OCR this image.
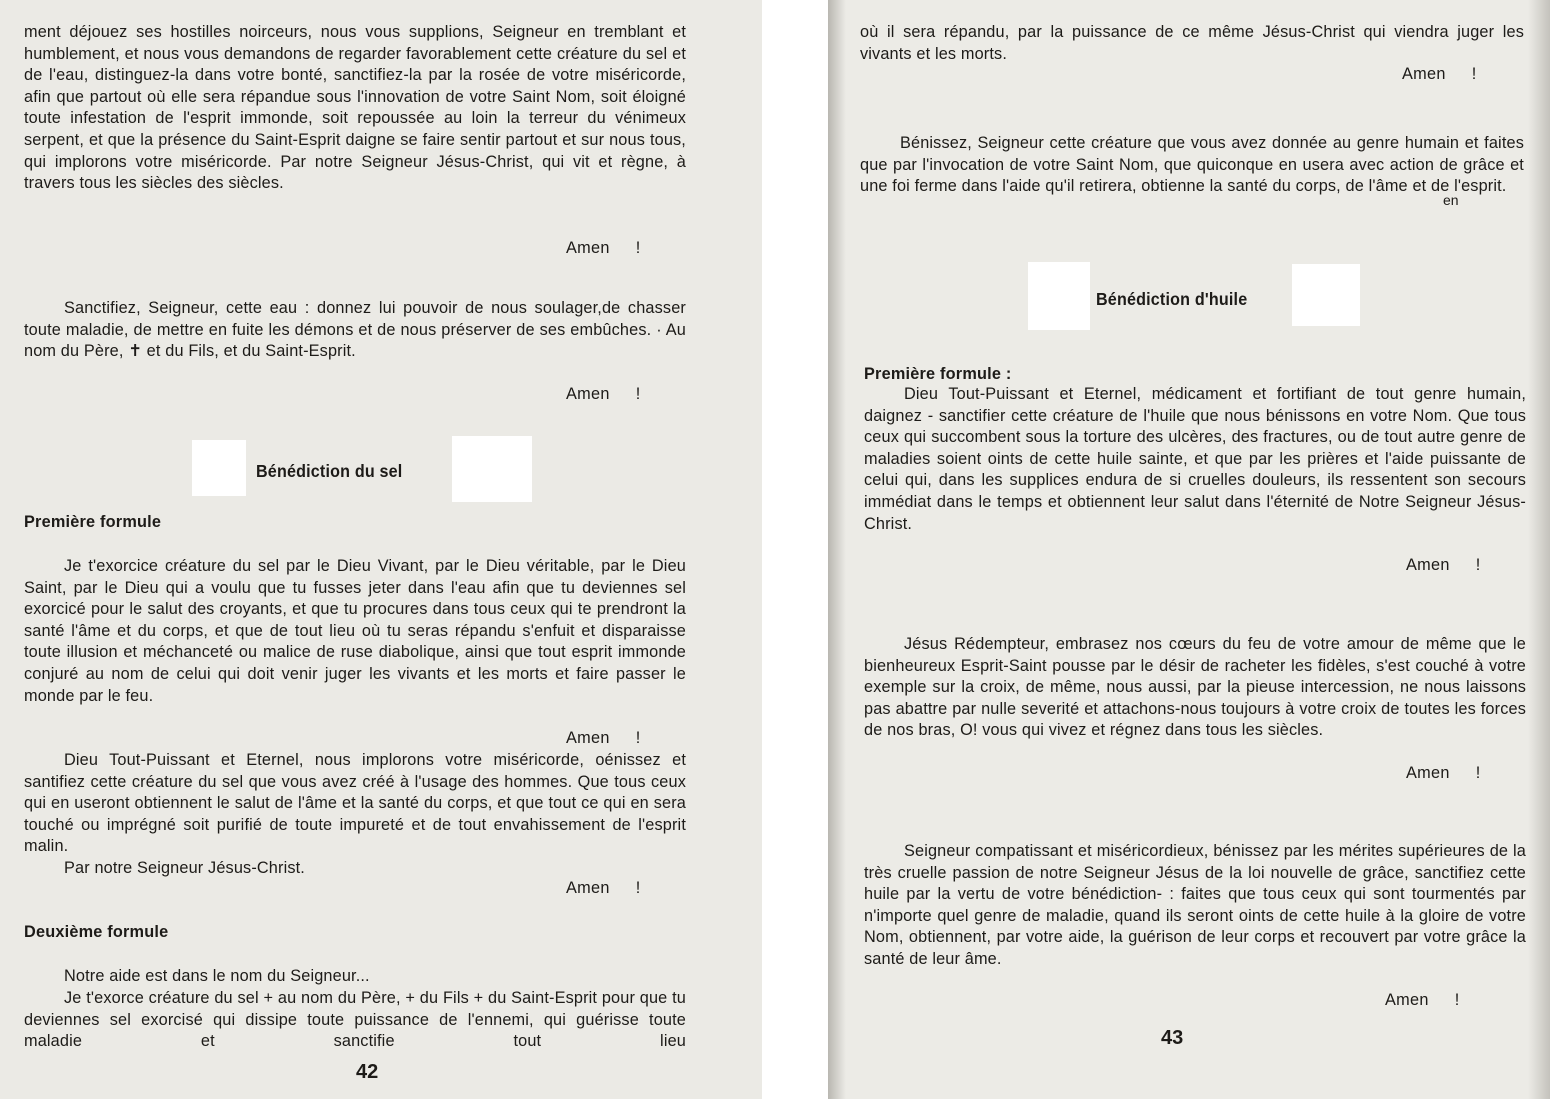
ment déjouez ses hostilles noirceurs, nous vous supplions, Seigneur en tremblant et humblement, et nous vous demandons de regarder favorablement cette créature du sel et de l'eau, distinguez-la dans votre bonté, sanctifiez-la par la rosée de votre miséricorde, afin que partout où elle sera répandue sous l'innovation de votre Saint Nom, soit éloigné toute infestation de l'esprit immonde, soit repoussée au loin la terreur du vénimeux serpent, et que la présence du Saint-Esprit daigne se faire sentir partout et sur nous tous, qui implorons votre miséricorde. Par notre Seigneur Jésus-Christ, qui vit et règne, à travers tous les siècles des siècles.

Amen !

Sanctifiez, Seigneur, cette eau : donnez lui pouvoir de nous soulager,de chasser toute maladie, de mettre en fuite les démons et de nous préserver de ses embûches. · Au nom du Père, ✝ et du Fils, et du Saint-Esprit.

Amen !
Bénédiction du sel
Première formule

Je t'exorcice créature du sel par le Dieu Vivant, par le Dieu véritable, par le Dieu Saint, par le Dieu qui a voulu que tu fusses jeter dans l'eau afin que tu deviennes sel exorcicé pour le salut des croyants, et que tu procures dans tous ceux qui te prendront la santé l'âme et du corps, et que de tout lieu où tu seras répandu s'enfuit et disparaisse toute illusion et méchanceté ou malice de ruse diabolique, ainsi que tout esprit immonde conjuré au nom de celui qui doit venir juger les vivants et les morts et faire passer le monde par le feu.

Amen !

Dieu Tout-Puissant et Eternel, nous implorons votre miséricorde, oénissez et santifiez cette créature du sel que vous avez créé à l'usage des hommes. Que tous ceux qui en useront obtiennent le salut de l'âme et la santé du corps, et que tout ce qui en sera touché ou imprégné soit purifié de toute impureté et de tout envahissement de l'esprit malin.

Par notre Seigneur Jésus-Christ.

Amen !
Deuxième formule

Notre aide est dans le nom du Seigneur...

Je t'exorce créature du sel + au nom du Père, + du Fils + du Saint-Esprit pour que tu deviennes sel exorcisé qui dissipe toute puissance de l'ennemi, qui guérisse toute maladie et sanctifie tout lieu

42

où il sera répandu, par la puissance de ce même Jésus-Christ qui viendra juger les vivants et les morts.

Amen !

Bénissez, Seigneur cette créature que vous avez donnée au genre humain et faites que par l'invocation de votre Saint Nom, que quiconque en usera avec action de grâce et une foi ferme dans l'aide qu'il retirera, obtienne la santé du corps, de l'âme et de l'esprit.

en
Bénédiction d'huile
Première formule :

Dieu Tout-Puissant et Eternel, médicament et fortifiant de tout genre humain, daignez - sanctifier cette créature de l'huile que nous bénissons en votre Nom. Que tous ceux qui succombent sous la torture des ulcères, des fractures, ou de tout autre genre de maladies soient oints de cette huile sainte, et que par les prières et l'aide puissante de celui qui, dans les supplices endura de si cruelles douleurs, ils ressentent son secours immédiat dans le temps et obtiennent leur salut dans l'éternité de Notre Seigneur Jésus-Christ.

Amen !

Jésus Rédempteur, embrasez nos cœurs du feu de votre amour de même que le bienheureux Esprit-Saint pousse par le désir de racheter les fidèles, s'est couché à votre exemple sur la croix, de même, nous aussi, par la pieuse intercession, ne nous laissons pas abattre par nulle severité et attachons-nous toujours à votre croix de toutes les forces de nos bras, O! vous qui vivez et régnez dans tous les siècles.

Amen !

Seigneur compatissant et miséricordieux, bénissez par les mérites supérieures de la très cruelle passion de notre Seigneur Jésus de la loi nouvelle de grâce, sanctifiez cette huile par la vertu de votre bénédiction- : faites que tous ceux qui sont tourmentés par n'importe quel genre de maladie, quand ils seront oints de cette huile à la gloire de votre Nom, obtiennent, par votre aide, la guérison de leur corps et recouvert par votre grâce la santé de leur âme.

Amen !
43
